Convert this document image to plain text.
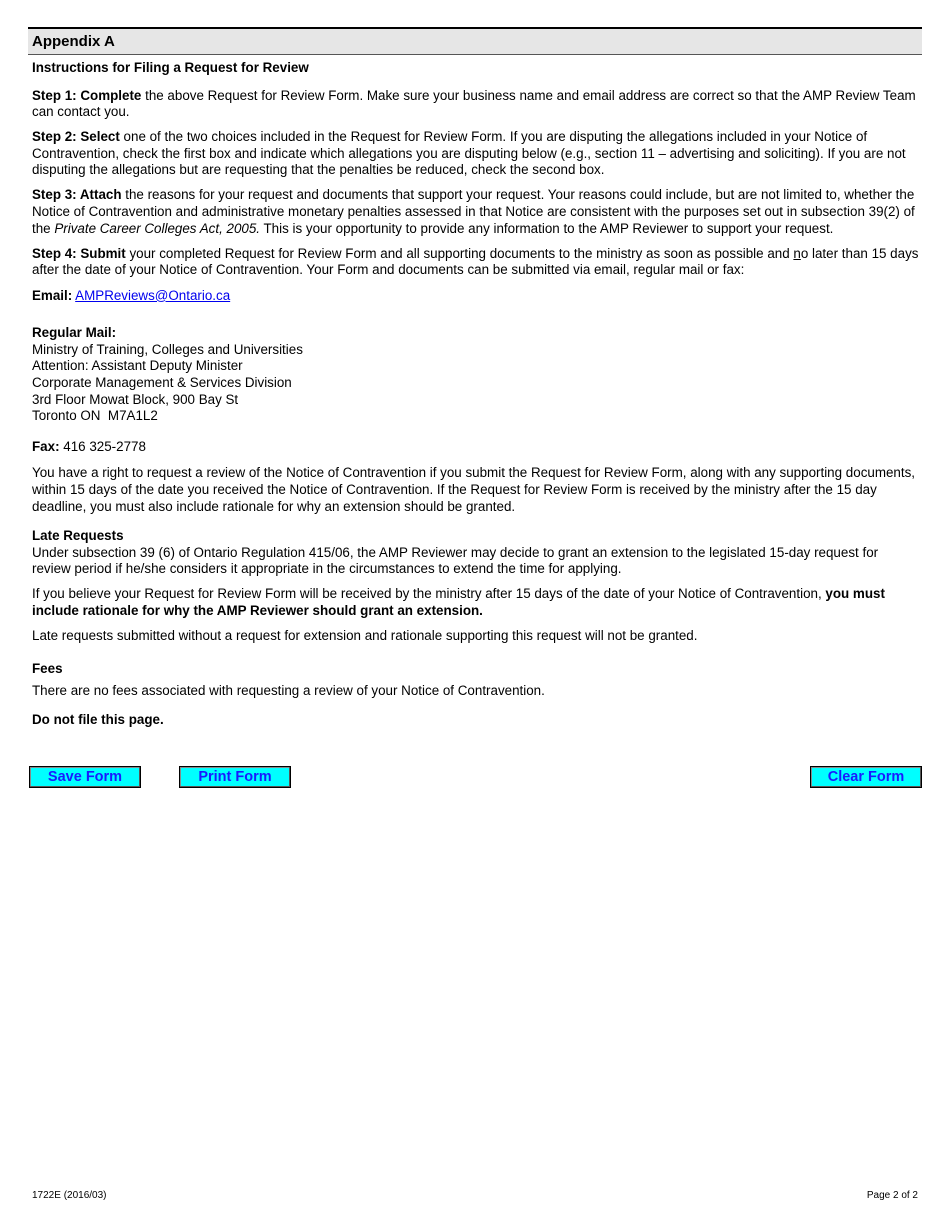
Appendix A

Instructions for Filing a Request for Review

Step 1: Complete the above Request for Review Form. Make sure your business name and email address are correct so that the AMP Review Team can contact you.

Step 2: Select one of the two choices included in the Request for Review Form. If you are disputing the allegations included in your Notice of Contravention, check the first box and indicate which allegations you are disputing below (e.g., section 11 – advertising and soliciting). If you are not disputing the allegations but are requesting that the penalties be reduced, check the second box.

Step 3: Attach the reasons for your request and documents that support your request. Your reasons could include, but are not limited to, whether the Notice of Contravention and administrative monetary penalties assessed in that Notice are consistent with the purposes set out in subsection 39(2) of the Private Career Colleges Act, 2005. This is your opportunity to provide any information to the AMP Reviewer to support your request.

Step 4: Submit your completed Request for Review Form and all supporting documents to the ministry as soon as possible and no later than 15 days after the date of your Notice of Contravention. Your Form and documents can be submitted via email, regular mail or fax:

Email: AMPReviews@Ontario.ca

Regular Mail:
Ministry of Training, Colleges and Universities
Attention: Assistant Deputy Minister
Corporate Management & Services Division
3rd Floor Mowat Block, 900 Bay St
Toronto ON  M7A1L2

Fax: 416 325-2778

You have a right to request a review of the Notice of Contravention if you submit the Request for Review Form, along with any supporting documents, within 15 days of the date you received the Notice of Contravention. If the Request for Review Form is received by the ministry after the 15 day deadline, you must also include rationale for why an extension should be granted.

Late Requests

Under subsection 39 (6) of Ontario Regulation 415/06, the AMP Reviewer may decide to grant an extension to the legislated 15-day request for review period if he/she considers it appropriate in the circumstances to extend the time for applying.

If you believe your Request for Review Form will be received by the ministry after 15 days of the date of your Notice of Contravention, you must include rationale for why the AMP Reviewer should grant an extension.

Late requests submitted without a request for extension and rationale supporting this request will not be granted.

Fees

There are no fees associated with requesting a review of your Notice of Contravention.

Do not file this page.

Save Form	Print Form	Clear Form
1722E (2016/03)	Page 2 of 2
